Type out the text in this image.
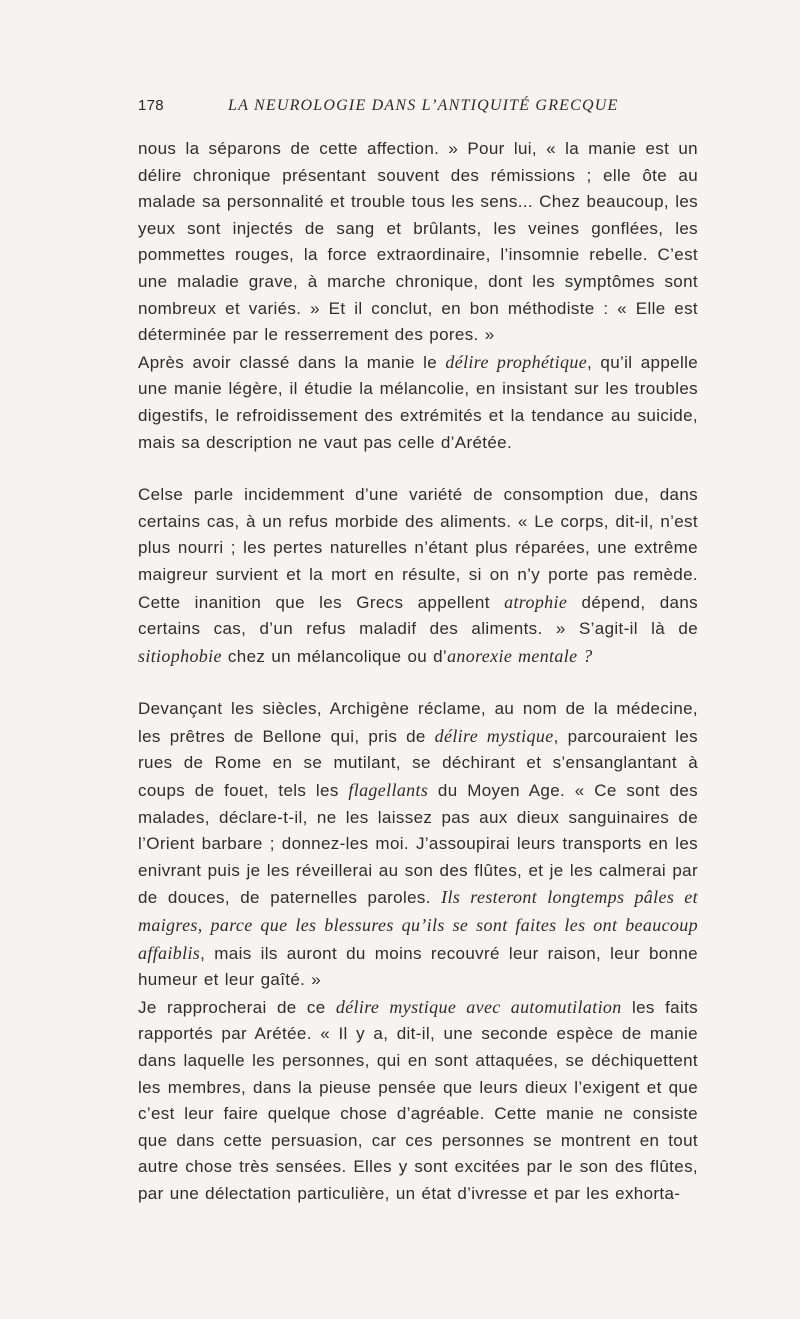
178	LA NEUROLOGIE DANS L’ANTIQUITÉ GRECQUE

nous la séparons de cette affection. » Pour lui, « la manie est un délire chronique présentant souvent des rémissions ; elle ôte au malade sa personnalité et trouble tous les sens... Chez beaucoup, les yeux sont injectés de sang et brûlants, les veines gonflées, les pommettes rouges, la force extraordinaire, l’insomnie rebelle. C’est une maladie grave, à marche chronique, dont les symptômes sont nombreux et variés. » Et il conclut, en bon méthodiste : « Elle est déterminée par le resserrement des pores. »

Après avoir classé dans la manie le délire prophétique, qu’il appelle une manie légère, il étudie la mélancolie, en insistant sur les troubles digestifs, le refroidissement des extrémités et la tendance au suicide, mais sa description ne vaut pas celle d’Arétée.

Celse parle incidemment d’une variété de consomption due, dans certains cas, à un refus morbide des aliments. « Le corps, dit-il, n’est plus nourri ; les pertes naturelles n’étant plus réparées, une extrême maigreur survient et la mort en résulte, si on n’y porte pas remède. Cette inanition que les Grecs appellent atrophie dépend, dans certains cas, d’un refus maladif des aliments. » S’agit-il là de sitiophobie chez un mélancolique ou d’anorexie mentale ?

Devançant les siècles, Archigène réclame, au nom de la médecine, les prêtres de Bellone qui, pris de délire mystique, parcouraient les rues de Rome en se mutilant, se déchirant et s’ensanglantant à coups de fouet, tels les flagellants du Moyen Age. « Ce sont des malades, déclare-t-il, ne les laissez pas aux dieux sanguinaires de l’Orient barbare ; donnez-les moi. J’assoupirai leurs transports en les enivrant puis je les réveillerai au son des flûtes, et je les calmerai par de douces, de paternelles paroles. Ils resteront longtemps pâles et maigres, parce que les blessures qu’ils se sont faites les ont beaucoup affaiblis, mais ils auront du moins recouvré leur raison, leur bonne humeur et leur gaîté. »

Je rapprocherai de ce délire mystique avec automutilation les faits rapportés par Arétée. « Il y a, dit-il, une seconde espèce de manie dans laquelle les personnes, qui en sont attaquées, se déchiquettent les membres, dans la pieuse pensée que leurs dieux l’exigent et que c’est leur faire quelque chose d’agréable. Cette manie ne consiste que dans cette persuasion, car ces personnes se montrent en tout autre chose très sensées. Elles y sont excitées par le son des flûtes, par une délectation particulière, un état d’ivresse et par les exhorta-
